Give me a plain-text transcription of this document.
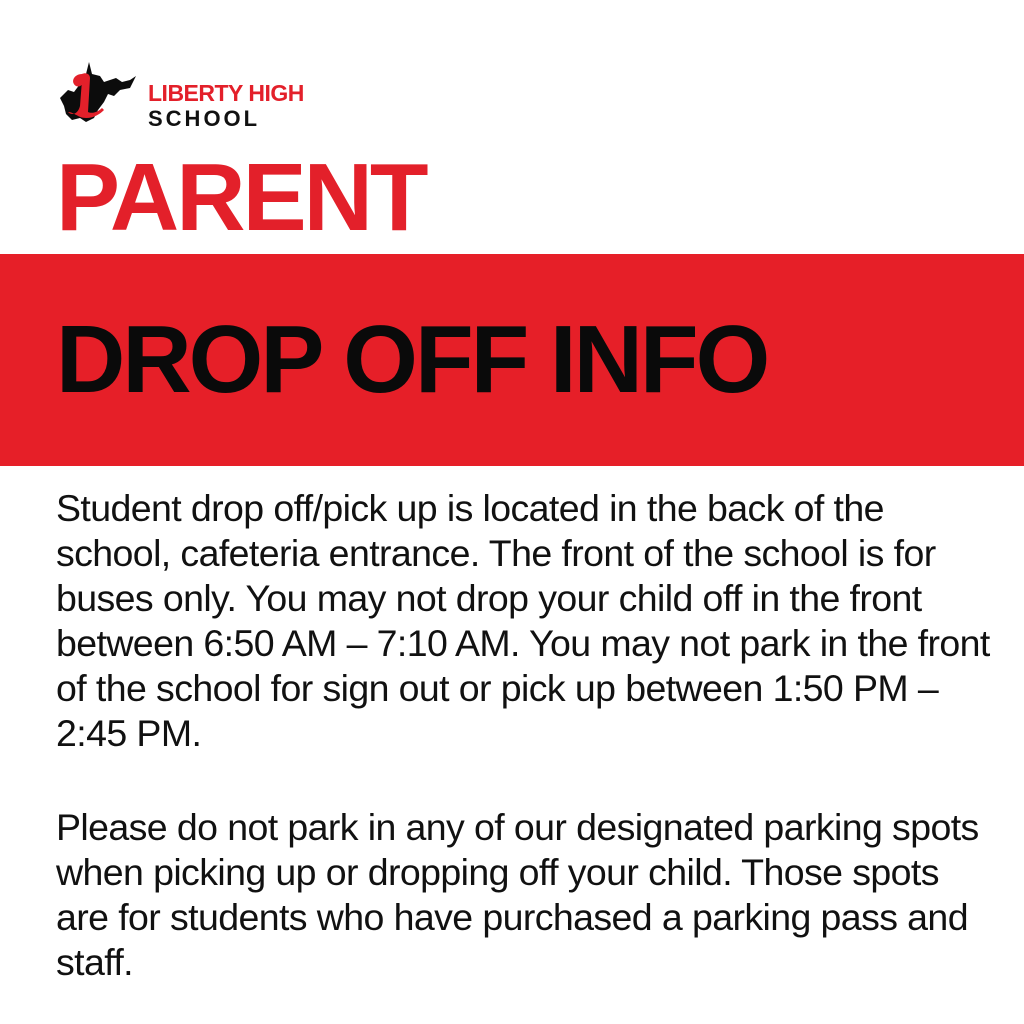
LIBERTY HIGH
SCHOOL
PARENT
DROP OFF INFO

Student drop off/pick up is located in the back of the school, cafeteria entrance. The front of the school is for buses only. You may not drop your child off in the front between 6:50 AM – 7:10 AM. You may not park in the front of the school for sign out or pick up between 1:50 PM – 2:45 PM.

Please do not park in any of our designated parking spots when picking up or dropping off your child. Those spots are for students who have purchased a parking pass and staff.
